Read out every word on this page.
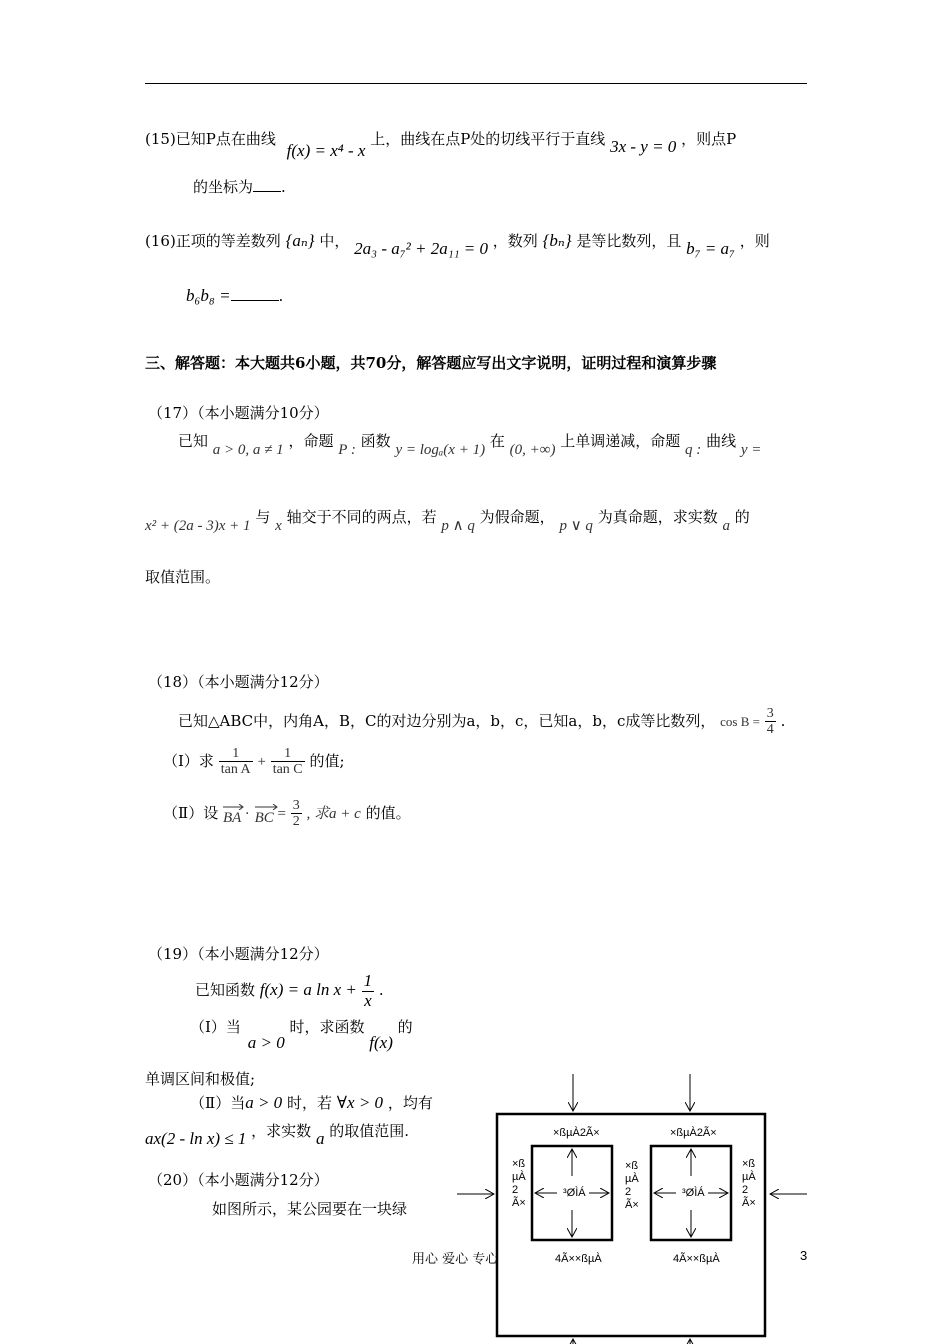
(15)已知P点在曲线 f(x) = x⁴ - x 上，曲线在点P处的切线平行于直线 3x - y = 0 ，则点P
的坐标为 .
(16)正项的等差数列 {aₙ} 中， 2a₃ - a₇² + 2a₁₁ = 0 ，数列 {bₙ} 是等比数列，且 b₇ = a₇ ，则
b₆b₈ =	.
三、解答题：本大题共6小题，共70分，解答题应写出文字说明，证明过程和演算步骤
（17）（本小题满分10分）
已知 a > 0, a ≠ 1 ，命题 P : 函数 y = logₐ(x + 1) 在 (0, +∞) 上单调递减，命题 q : 曲线 y =
x² + (2a - 3)x + 1 与 x 轴交于不同的两点，若 p ∧ q 为假命题， p ∨ q 为真命题，求实数 a 的
取值范围。
（18）（本小题满分12分）
已知△ABC中，内角A，B，C的对边分别为a，b，c，已知a，b，c成等比数列， $\cos B = \frac{3}{4}$ .
（Ⅰ）求 $\frac{1}{\text{tan A}} + \frac{1}{\text{tan C}}$ 的值;
（Ⅱ）设 BA · BC = $\frac{3}{2}$ , 求a + c 的值。
（19）（本小题满分12分）
已知函数 f(x) = a $\ln x + \frac{1}{x}$ .
（Ⅰ）当 a > 0 时，求函数 f(x) 的
单调区间和极值;
（Ⅱ）当a > 0 时，若 ∀x > 0 ，均有
ax(2 - ln x) ≤ 1 ，求实数 a 的取值范围.
（20）（本小题满分12分）
如图所示，某公园要在一块绿
用心 爱心 专心	3
×ßµÀ2Ã×	×ßµÀ2Ã×
×ß
µÀ
2
Ã×
×ß
µÀ
2
Ã×
×ß
µÀ
2
Ã×
³ØÌÁ	³ØÌÁ
4Ã××ßµÀ	4Ã××ßµÀ
